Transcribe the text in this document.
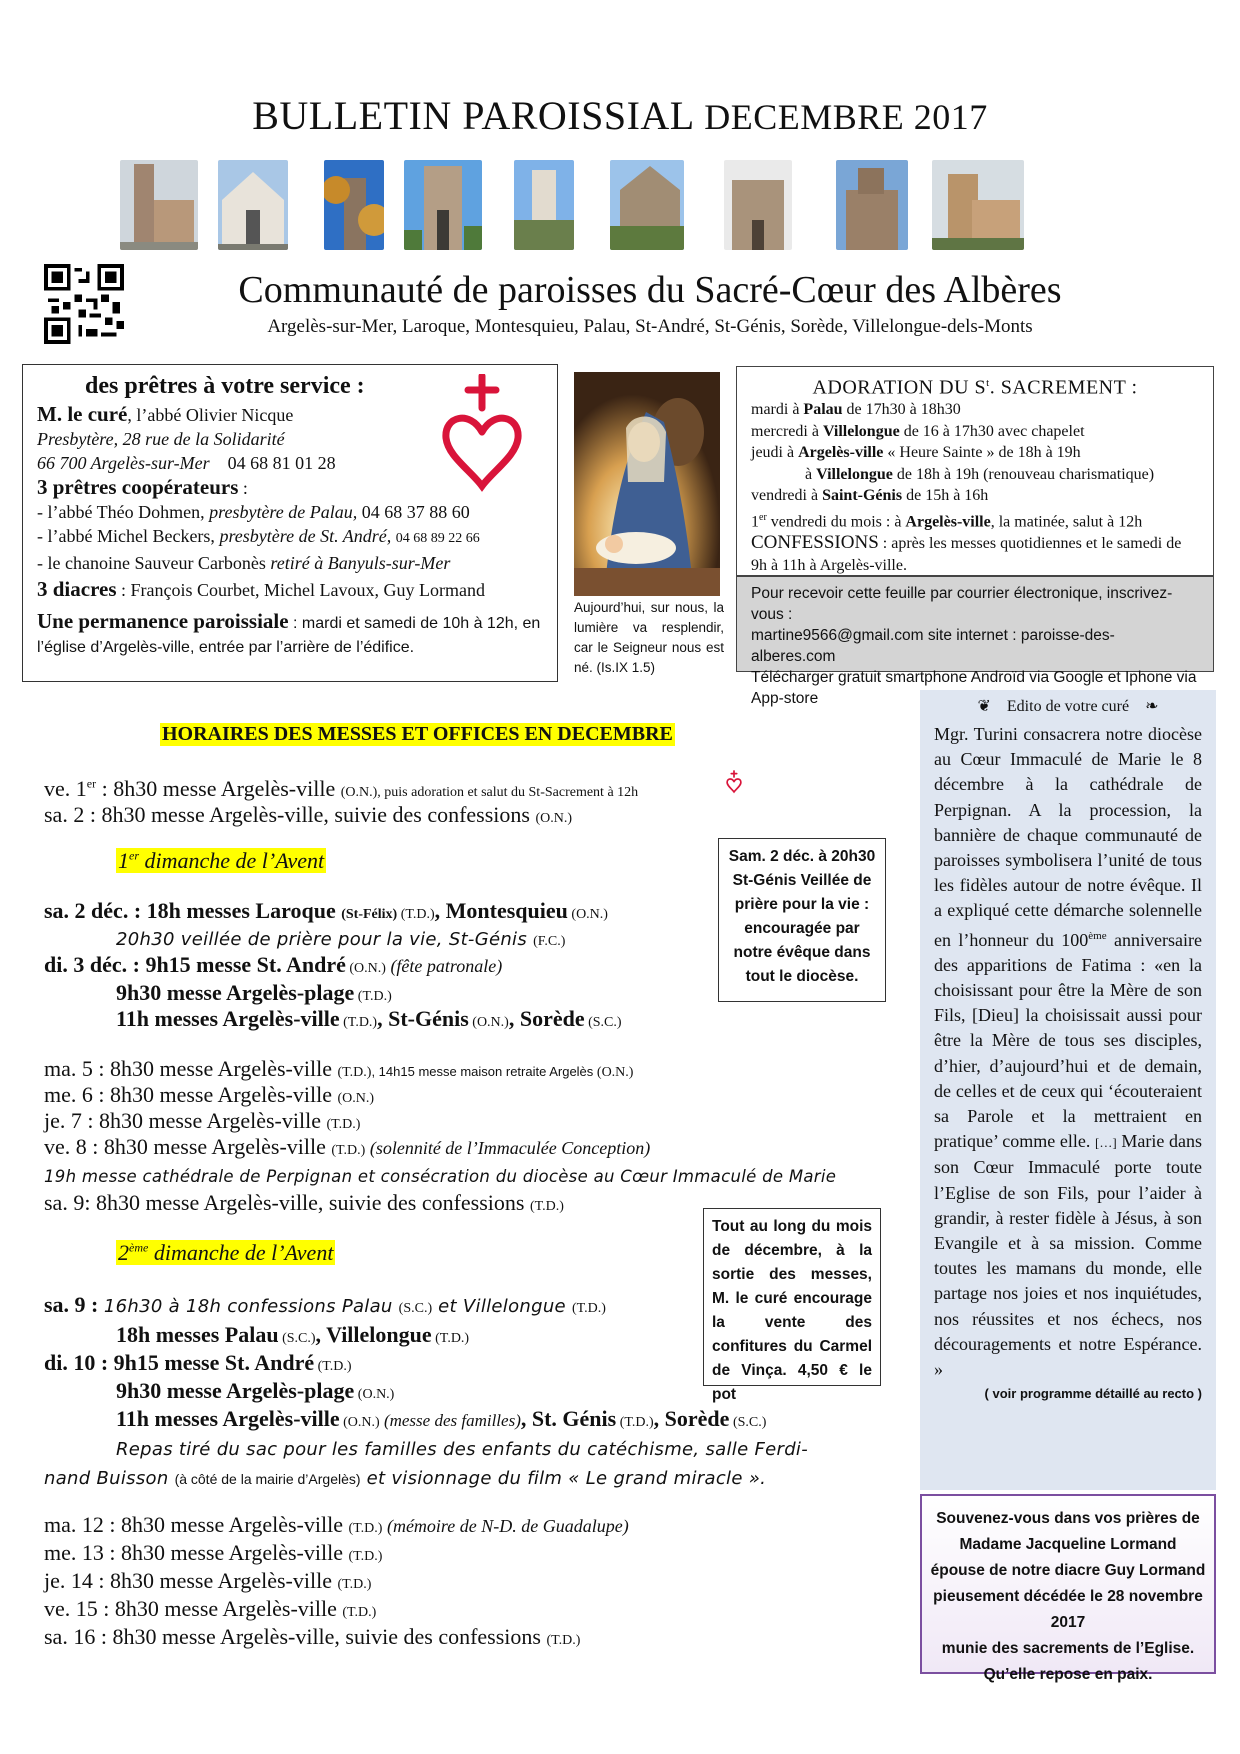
BULLETIN PAROISSIAL DECEMBRE 2017
Communauté de paroisses du Sacré-Cœur des Albères
Argelès-sur-Mer, Laroque, Montesquieu, Palau, St-André, St-Génis, Sorède, Villelongue-dels-Monts
des prêtres à votre service :
M. le curé, l’abbé Olivier Nicque
Presbytère, 28 rue de la Solidarité
66 700 Argelès-sur-Mer 04 68 81 01 28
3 prêtres coopérateurs :
- l’abbé Théo Dohmen, presbytère de Palau, 04 68 37 88 60
- l’abbé Michel Beckers, presbytère de St. André, 04 68 89 22 66
- le chanoine Sauveur Carbonès retiré à Banyuls-sur-Mer
3 diacres : François Courbet, Michel Lavoux, Guy Lormand
Une permanence paroissiale : mardi et samedi de 10h à 12h, en l’église d’Argelès-ville, entrée par l’arrière de l’édifice.
Aujourd’hui, sur nous, la lumière va resplendir, car le Seigneur nous est né. (Is.IX 1.5)
ADORATION DU $S^t$. SACREMENT :
mardi à Palau de 17h30 à 18h30
mercredi à Villelongue de 16 à 17h30 avec chapelet
jeudi à Argelès-ville « Heure Sainte » de 18h à 19h
à Villelongue de 18h à 19h (renouveau charismatique)
vendredi à Saint-Génis de 15h à 16h
1er vendredi du mois : à Argelès-ville, la matinée, salut à 12h
CONFESSIONS : après les messes quotidiennes et le samedi de 9h à 11h à Argelès-ville.
Pour recevoir cette feuille par courrier électronique, inscrivez-vous :
martine9566@gmail.com site internet : paroisse-des-alberes.com
Télécharger gratuit smartphone Androïd via Google et Iphone via App-store
HORAIRES DES MESSES ET OFFICES EN DECEMBRE
ve. 1er : 8h30 messe Argelès-ville (O.N.), puis adoration et salut du St-Sacrement à 12h
sa. 2 : 8h30 messe Argelès-ville, suivie des confessions (O.N.)
1er dimanche de l’Avent
sa. 2 déc. : 18h messes Laroque (St-Félix) (T.D.), Montesquieu (O.N.)
20h30 veillée de prière pour la vie, St-Génis (F.C.)
di. 3 déc. : 9h15 messe St. André (O.N.) (fête patronale)
9h30 messe Argelès-plage (T.D.)
11h messes Argelès-ville (T.D.), St-Génis (O.N.), Sorède (S.C.)
ma. 5 : 8h30 messe Argelès-ville (T.D.), 14h15 messe maison retraite Argelès (O.N.)
me. 6 : 8h30 messe Argelès-ville (O.N.)
je. 7 : 8h30 messe Argelès-ville (T.D.)
ve. 8 : 8h30 messe Argelès-ville (T.D.) (solennité de l’Immaculée Conception)
19h messe cathédrale de Perpignan et consécration du diocèse au Cœur Immaculé de Marie
sa. 9: 8h30 messe Argelès-ville, suivie des confessions (T.D.)
2ème dimanche de l’Avent
sa. 9 : 16h30 à 18h confessions Palau (S.C.) et Villelongue (T.D.)
18h messes Palau (S.C.), Villelongue (T.D.)
di. 10 : 9h15 messe St. André (T.D.)
9h30 messe Argelès-plage (O.N.)
11h messes Argelès-ville (O.N.) (messe des familles), St. Génis (T.D.), Sorède (S.C.)
Repas tiré du sac pour les familles des enfants du catéchisme, salle Ferdi-
nand Buisson (à côté de la mairie d’Argelès) et visionnage du film « Le grand miracle ».
ma. 12 : 8h30 messe Argelès-ville (T.D.) (mémoire de N-D. de Guadalupe)
me. 13 : 8h30 messe Argelès-ville (T.D.)
je. 14 : 8h30 messe Argelès-ville (T.D.)
ve. 15 : 8h30 messe Argelès-ville (T.D.)
sa. 16 : 8h30 messe Argelès-ville, suivie des confessions (T.D.)
Sam. 2 déc. à 20h30 St-Génis Veillée de prière pour la vie : encouragée par notre évêque dans tout le diocèse.
Tout au long du mois de décembre, à la sortie des messes, M. le curé encourage la vente des confitures du Carmel de Vinça. 4,50 € le pot
❦ Edito de votre curé ❧
Mgr. Turini consacrera notre diocèse au Cœur Immaculé de Marie le 8 décembre à la cathédrale de Perpignan. A la procession, la bannière de chaque communauté de paroisses symbolisera l’unité de tous les fidèles autour de notre évêque. Il a expliqué cette démarche solennelle en l’honneur du 100ème anniversaire des apparitions de Fatima : «en la choisissant pour être la Mère de son Fils, [Dieu] la choisissait aussi pour être la Mère de tous ses disciples, d’hier, d’aujourd’hui et de demain, de celles et de ceux qui ‘écouteraient sa Parole et la mettraient en pratique’ comme elle. […] Marie dans son Cœur Immaculé porte toute l’Eglise de son Fils, pour l’aider à grandir, à rester fidèle à Jésus, à son Evangile et à sa mission. Comme toutes les mamans du monde, elle partage nos joies et nos inquiétudes, nos réussites et nos échecs, nos découragements et notre Espérance. »
( voir programme détaillé au recto )
Souvenez-vous dans vos prières de
Madame Jacqueline Lormand
épouse de notre diacre Guy Lormand
pieusement décédée le 28 novembre 2017
munie des sacrements de l’Eglise.
Qu’elle repose en paix.
